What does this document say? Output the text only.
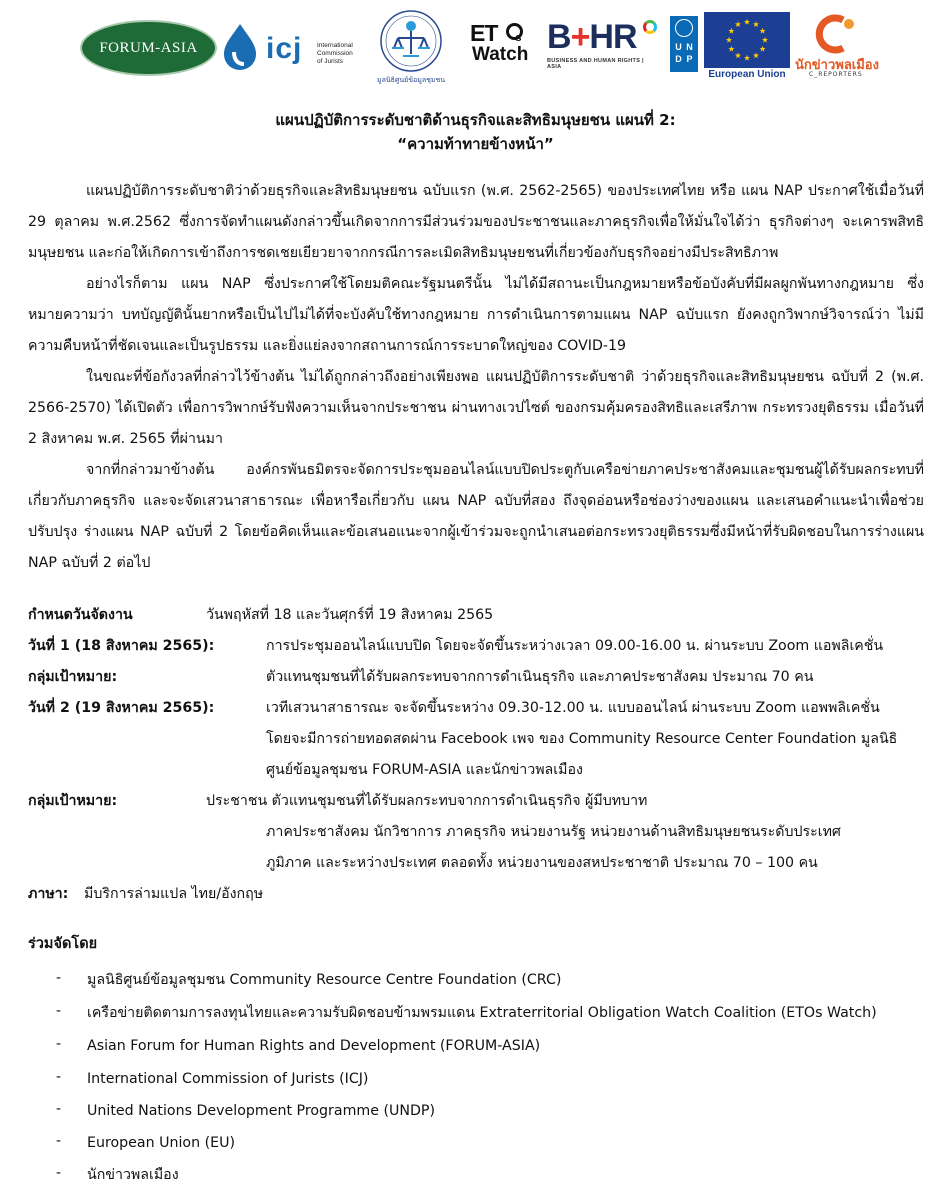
FORUM-ASIA icj International
Commission
of Jurists
มูลนิธิศูนย์ข้อมูลชุมชน
ET s
Watch B+HR
BUSINESS AND HUMAN RIGHTS | ASIA
U N
D P
European Union
นักข่าวพลเมือง
C_REPORTERS
แผนปฏิบัติการระดับชาติด้านธุรกิจและสิทธิมนุษยชน แผนที่ 2:
“ความท้าทายข้างหน้า”

แผนปฏิบัติการระดับชาติว่าด้วยธุรกิจและสิทธิมนุษยชน ฉบับแรก (พ.ศ. 2562-2565) ของประเทศไทย หรือ แผน NAP ประกาศใช้เมื่อวันที่ 29 ตุลาคม พ.ศ.2562 ซึ่งการจัดทำแผนดังกล่าวขึ้นเกิดจากการมีส่วนร่วมของประชาชนและภาคธุรกิจเพื่อให้มั่นใจได้ว่า ธุรกิจต่างๆ จะเคารพสิทธิมนุษยชน และก่อให้เกิดการเข้าถึงการชดเชยเยียวยาจากกรณีการละเมิดสิทธิมนุษยชนที่เกี่ยวข้องกับธุรกิจอย่างมีประสิทธิภาพ

อย่างไรก็ตาม แผน NAP ซึ่งประกาศใช้โดยมติคณะรัฐมนตรีนั้น ไม่ได้มีสถานะเป็นกฎหมายหรือข้อบังคับที่มีผลผูกพันทางกฎหมาย ซึ่งหมายความว่า บทบัญญัตินั้นยากหรือเป็นไปไม่ได้ที่จะบังคับใช้ทางกฎหมาย การดำเนินการตามแผน NAP ฉบับแรก ยังคงถูกวิพากษ์วิจารณ์ว่า ไม่มีความคืบหน้าที่ชัดเจนและเป็นรูปธรรม และยิ่งแย่ลงจากสถานการณ์การระบาดใหญ่ของ COVID-19

ในขณะที่ข้อกังวลที่กล่าวไว้ข้างต้น ไม่ได้ถูกกล่าวถึงอย่างเพียงพอ แผนปฏิบัติการระดับชาติ ว่าด้วยธุรกิจและสิทธิมนุษยชน ฉบับที่ 2 (พ.ศ. 2566-2570) ได้เปิดตัว เพื่อการวิพากษ์รับฟังความเห็นจากประชาชน ผ่านทางเวปไซต์ ของกรมคุ้มครองสิทธิและเสรีภาพ กระทรวงยุติธรรม เมื่อวันที่ 2 สิงหาคม พ.ศ. 2565 ที่ผ่านมา

จากที่กล่าวมาข้างต้น องค์กรพันธมิตรจะจัดการประชุมออนไลน์แบบปิดประตูกับเครือข่ายภาคประชาสังคมและชุมชนผู้ได้รับผลกระทบที่เกี่ยวกับภาคธุรกิจ และจะจัดเสวนาสาธารณะ เพื่อหารือเกี่ยวกับ แผน NAP ฉบับที่สอง ถึงจุดอ่อนหรือช่องว่างของแผน และเสนอคำแนะนำเพื่อช่วยปรับปรุง ร่างแผน NAP ฉบับที่ 2 โดยข้อคิดเห็นและข้อเสนอแนะจากผู้เข้าร่วมจะถูกนำเสนอต่อกระทรวงยุติธรรมซึ่งมีหน้าที่รับผิดชอบในการร่างแผน NAP ฉบับที่ 2 ต่อไป

กำหนดวันจัดงาน	วันพฤหัสที่ 18 และวันศุกร์ที่ 19 สิงหาคม 2565
วันที่ 1 (18 สิงหาคม 2565):	การประชุมออนไลน์แบบปิด โดยจะจัดขึ้นระหว่างเวลา 09.00-16.00 น. ผ่านระบบ Zoom แอพลิเคชั่น
กลุ่มเป้าหมาย:	ตัวแทนชุมชนที่ได้รับผลกระทบจากการดำเนินธุรกิจ และภาคประชาสังคม ประมาณ 70 คน
วันที่ 2 (19 สิงหาคม 2565):	เวทีเสวนาสาธารณะ จะจัดขึ้นระหว่าง 09.30-12.00 น. แบบออนไลน์ ผ่านระบบ Zoom แอพพลิเคชั่น
โดยจะมีการถ่ายทอดสดผ่าน Facebook เพจ ของ Community Resource Center Foundation มูลนิธิ
ศูนย์ข้อมูลชุมชน FORUM-ASIA และนักข่าวพลเมือง
กลุ่มเป้าหมาย:	ประชาชน ตัวแทนชุมชนที่ได้รับผลกระทบจากการดำเนินธุรกิจ ผู้มีบทบาท
ภาคประชาสังคม นักวิชาการ ภาคธุรกิจ หน่วยงานรัฐ หน่วยงานด้านสิทธิมนุษยชนระดับประเทศ
ภูมิภาค และระหว่างประเทศ ตลอดทั้ง หน่วยงานของสหประชาชาติ ประมาณ 70 – 100 คน
ภาษา: มีบริการล่ามแปล ไทย/อังกฤษ
ร่วมจัดโดย
- มูลนิธิศูนย์ข้อมูลชุมชน Community Resource Centre Foundation (CRC)
- เครือข่ายติดตามการลงทุนไทยและความรับผิดชอบข้ามพรมแดน Extraterritorial Obligation Watch Coalition (ETOs Watch)
- Asian Forum for Human Rights and Development (FORUM-ASIA)
- International Commission of Jurists (ICJ)
- United Nations Development Programme (UNDP)
- European Union (EU)
- นักข่าวพลเมือง
